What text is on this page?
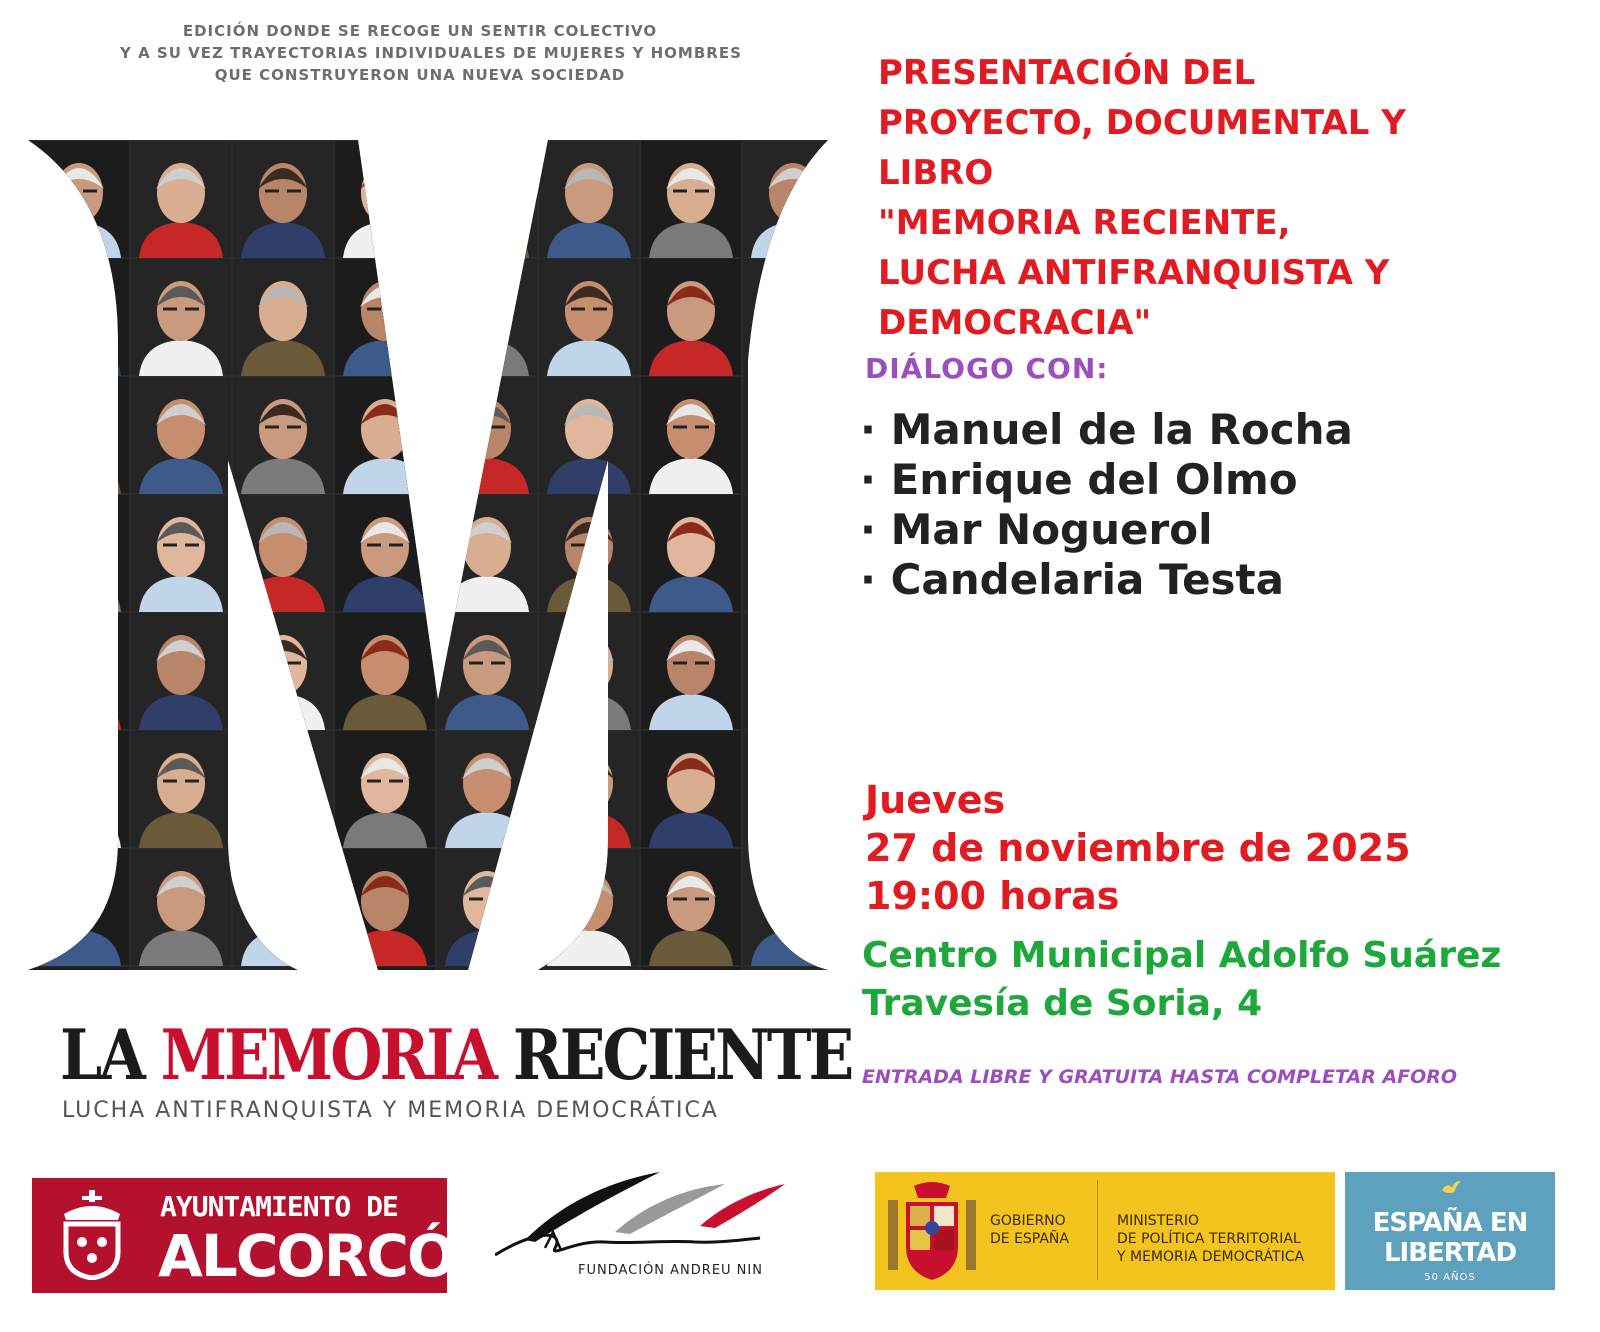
EDICIÓN DONDE SE RECOGE UN SENTIR COLECTIVO
Y A SU VEZ TRAYECTORIAS INDIVIDUALES DE MUJERES Y HOMBRES
QUE CONSTRUYERON UNA NUEVA SOCIEDAD
LA MEMORIA RECIENTE
LUCHA ANTIFRANQUISTA Y MEMORIA DEMOCRÁTICA
PRESENTACIÓN DEL
PROYECTO, DOCUMENTAL Y
LIBRO
"MEMORIA RECIENTE,
LUCHA ANTIFRANQUISTA Y
DEMOCRACIA"
DIÁLOGO CON:
· Manuel de la Rocha
· Enrique del Olmo
· Mar Noguerol
· Candelaria Testa
Jueves
27 de noviembre de 2025
19:00 horas
Centro Municipal Adolfo Suárez
Travesía de Soria, 4
ENTRADA LIBRE Y GRATUITA HASTA COMPLETAR AFORO
AYUNTAMIENTO DE
ALCORCÓN	FUNDACIÓN ANDREU NIN
GOBIERNO
DE ESPAÑA
MINISTERIO
DE POLÍTICA TERRITORIAL
Y MEMORIA DEMOCRÁTICA
ESPAÑA EN
LIBERTAD
50 AÑOS
